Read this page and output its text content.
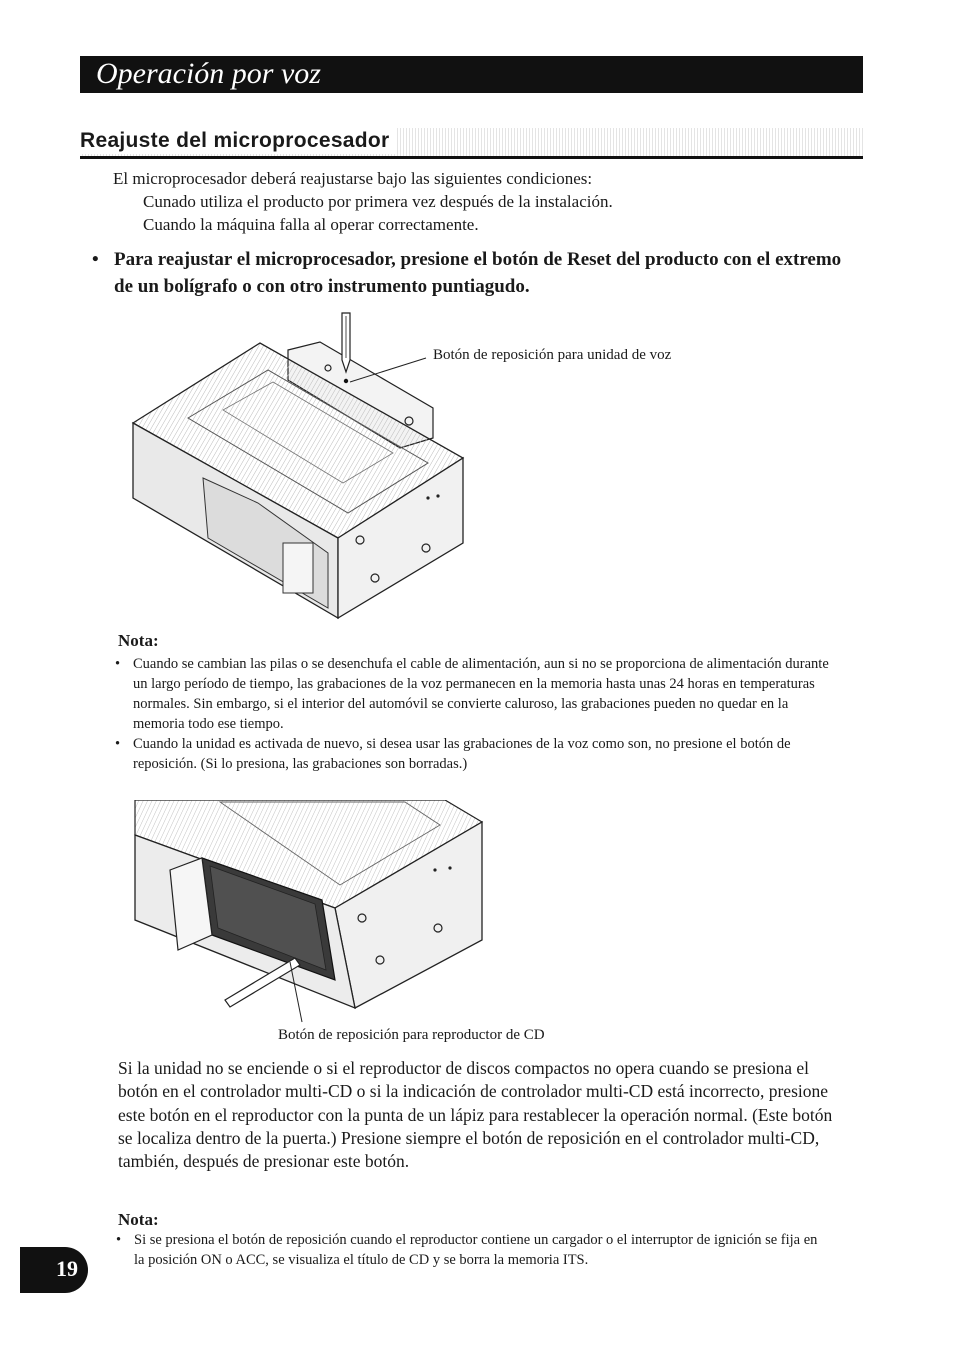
Operación por voz
Reajuste del microprocesador
El microprocesador deberá reajustarse bajo las siguientes condiciones:
Cunado utiliza el producto por primera vez después de la instalación.
Cuando la máquina falla al operar correctamente.
• Para reajustar el microprocesador, presione el botón de Reset del producto con el extremo de un bolígrafo o con otro instrumento puntiagudo.
Botón de reposición para unidad de voz
Nota:
• Cuando se cambian las pilas o se desenchufa el cable de alimentación, aun si no se proporciona de alimentación durante un largo período de tiempo, las grabaciones de la voz permanecen en la memoria hasta unas 24 horas en temperaturas normales. Sin embargo, si el interior del automóvil se convierte caluroso, las grabaciones pueden no quedar en la memoria todo ese tiempo.
• Cuando la unidad es activada de nuevo, si desea usar las grabaciones de la voz como son, no presione el botón de reposición. (Si lo presiona, las grabaciones son borradas.)
Botón de reposición para reproductor de CD
Si la unidad no se enciende o si el reproductor de discos compactos no opera cuando se presiona el botón en el controlador multi-CD o si la indicación de controlador multi-CD está incorrecto, presione este botón en el reproductor con la punta de un lápiz para restablecer la operación normal. (Este botón se localiza dentro de la puerta.) Presione siempre el botón de reposición en el controlador multi-CD, también, después de presionar este botón.
Nota:
• Si se presiona el botón de reposición cuando el reproductor contiene un cargador o el interruptor de ignición se fija en la posición ON o ACC, se visualiza el título de CD y se borra la memoria ITS.
19
